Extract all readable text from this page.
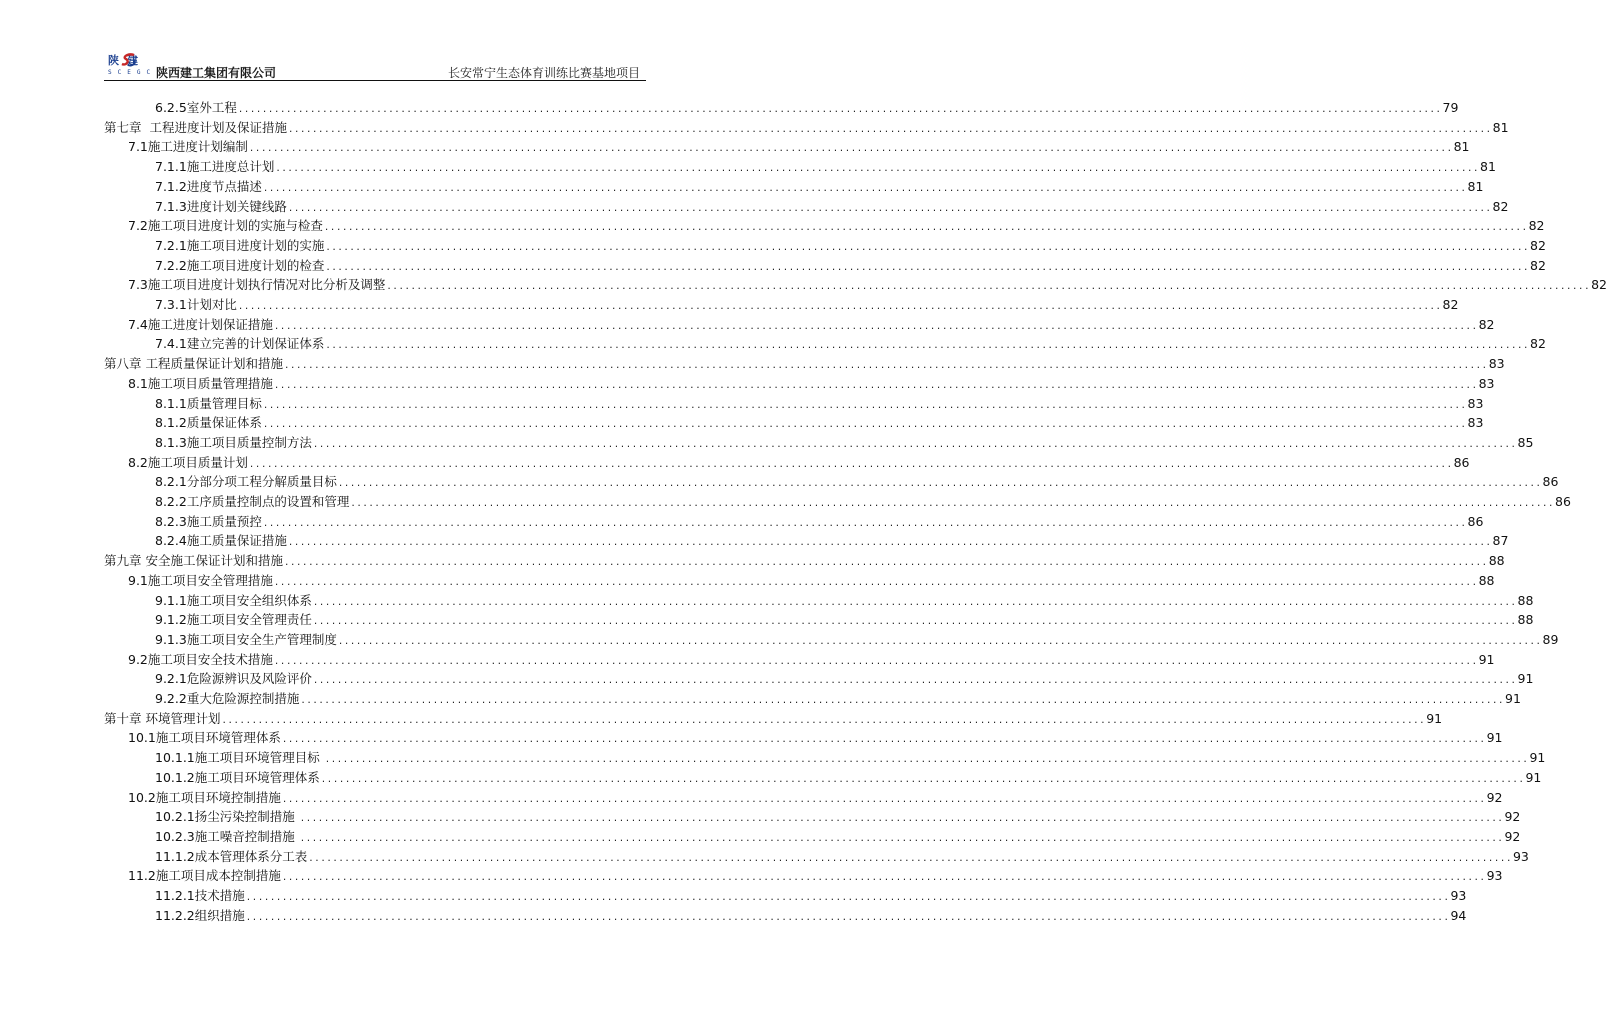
陕建
SCEGC 陕西建工集团有限公司	长安常宁生态体育训练比赛基地项目
6.2.5 室外工程 ........................................................................................................................................................................................................ 79
第七章 工程进度计划及保证措施 ........................................................................................................................................................................................................ 81
7.1 施工进度计划编制 ........................................................................................................................................................................................................ 81
7.1.1 施工进度总计划 ........................................................................................................................................................................................................ 81
7.1.2 进度节点描述 ........................................................................................................................................................................................................ 81
7.1.3 进度计划关键线路 ........................................................................................................................................................................................................ 82
7.2 施工项目进度计划的实施与检查 ........................................................................................................................................................................................................ 82
7.2.1 施工项目进度计划的实施 ........................................................................................................................................................................................................ 82
7.2.2 施工项目进度计划的检查 ........................................................................................................................................................................................................ 82
7.3 施工项目进度计划执行情况对比分析及调整 ........................................................................................................................................................................................................ 82
7.3.1 计划对比 ........................................................................................................................................................................................................ 82
7.4 施工进度计划保证措施 ........................................................................................................................................................................................................ 82
7.4.1 建立完善的计划保证体系 ........................................................................................................................................................................................................ 82
第八章 工程质量保证计划和措施 ........................................................................................................................................................................................................ 83
8.1 施工项目质量管理措施 ........................................................................................................................................................................................................ 83
8.1.1 质量管理目标 ........................................................................................................................................................................................................ 83
8.1.2 质量保证体系 ........................................................................................................................................................................................................ 83
8.1.3 施工项目质量控制方法 ........................................................................................................................................................................................................ 85
8.2 施工项目质量计划 ........................................................................................................................................................................................................ 86
8.2.1 分部分项工程分解质量目标 ........................................................................................................................................................................................................ 86
8.2.2 工序质量控制点的设置和管理 ........................................................................................................................................................................................................ 86
8.2.3 施工质量预控 ........................................................................................................................................................................................................ 86
8.2.4 施工质量保证措施 ........................................................................................................................................................................................................ 87
第九章 安全施工保证计划和措施 ........................................................................................................................................................................................................ 88
9.1 施工项目安全管理措施 ........................................................................................................................................................................................................ 88
9.1.1 施工项目安全组织体系 ........................................................................................................................................................................................................ 88
9.1.2 施工项目安全管理责任 ........................................................................................................................................................................................................ 88
9.1.3 施工项目安全生产管理制度 ........................................................................................................................................................................................................ 89
9.2 施工项目安全技术措施 ........................................................................................................................................................................................................ 91
9.2.1 危险源辨识及风险评价 ........................................................................................................................................................................................................ 91
9.2.2 重大危险源控制措施 ........................................................................................................................................................................................................ 91
第十章 环境管理计划 ........................................................................................................................................................................................................ 91
10.1 施工项目环境管理体系 ........................................................................................................................................................................................................ 91
10.1.1 施工项目环境管理目标 ........................................................................................................................................................................................................ 91
10.1.2 施工项目环境管理体系 ........................................................................................................................................................................................................ 91
10.2 施工项目环境控制措施 ........................................................................................................................................................................................................ 92
10.2.1 扬尘污染控制措施 ........................................................................................................................................................................................................ 92
10.2.3 施工噪音控制措施 ........................................................................................................................................................................................................ 92
11.1.2 成本管理体系分工表 ........................................................................................................................................................................................................ 93
11.2 施工项目成本控制措施 ........................................................................................................................................................................................................ 93
11.2.1 技术措施 ........................................................................................................................................................................................................ 93
11.2.2 组织措施 ........................................................................................................................................................................................................ 94
